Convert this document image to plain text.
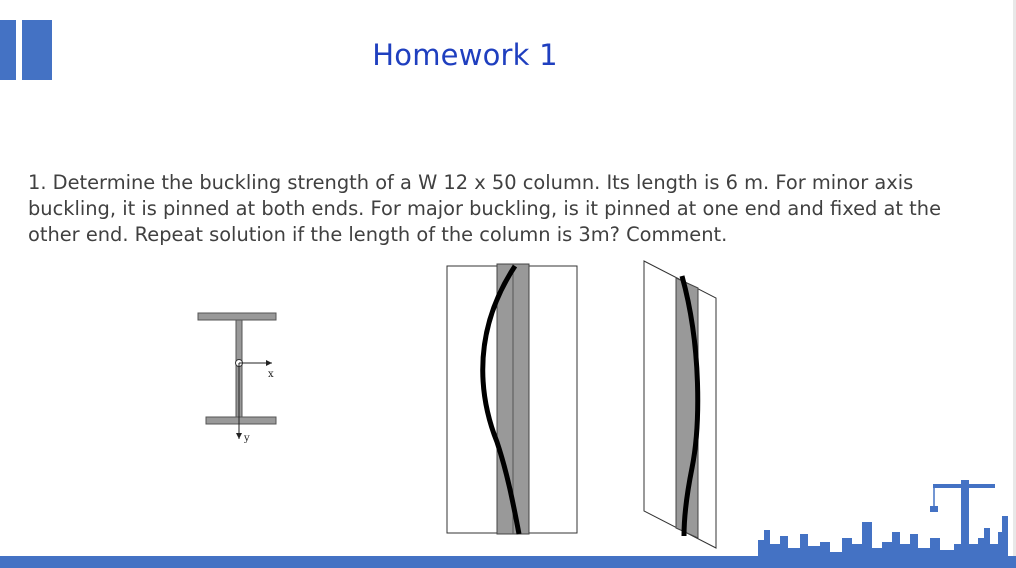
Homework 1

1. Determine the buckling strength of a W 12 x 50 column. Its length is 6 m. For minor axis buckling, it is pinned at both ends. For major buckling, is it pinned at one end and fixed at the other end. Repeat solution if the length of the column is 3m? Comment.

x
y
